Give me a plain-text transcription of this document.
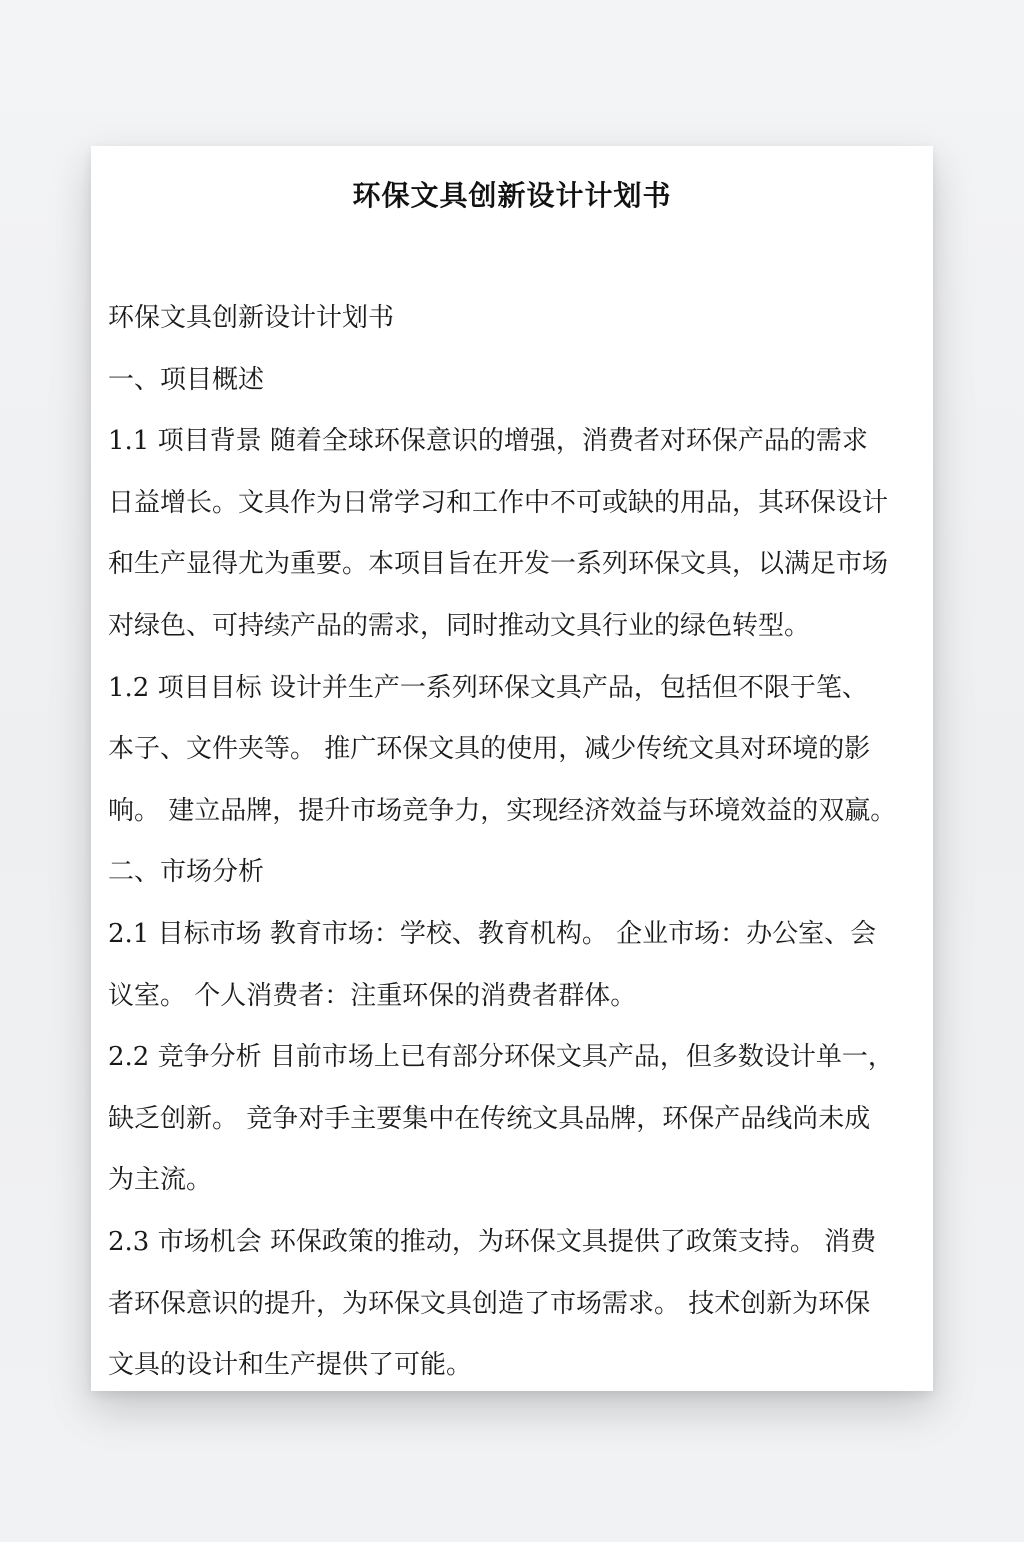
环保文具创新设计计划书
环保文具创新设计计划书
一、项目概述
1.1 项目背景 随着全球环保意识的增强，消费者对环保产品的需求
日益增长。文具作为日常学习和工作中不可或缺的用品，其环保设计
和生产显得尤为重要。本项目旨在开发一系列环保文具，以满足市场
对绿色、可持续产品的需求，同时推动文具行业的绿色转型。
1.2 项目目标 设计并生产一系列环保文具产品，包括但不限于笔、
本子、文件夹等。 推广环保文具的使用，减少传统文具对环境的影
响。 建立品牌，提升市场竞争力，实现经济效益与环境效益的双赢。
二、市场分析
2.1 目标市场 教育市场：学校、教育机构。 企业市场：办公室、会
议室。 个人消费者：注重环保的消费者群体。
2.2 竞争分析 目前市场上已有部分环保文具产品，但多数设计单一，
缺乏创新。 竞争对手主要集中在传统文具品牌，环保产品线尚未成
为主流。
2.3 市场机会 环保政策的推动，为环保文具提供了政策支持。 消费
者环保意识的提升，为环保文具创造了市场需求。 技术创新为环保
文具的设计和生产提供了可能。
